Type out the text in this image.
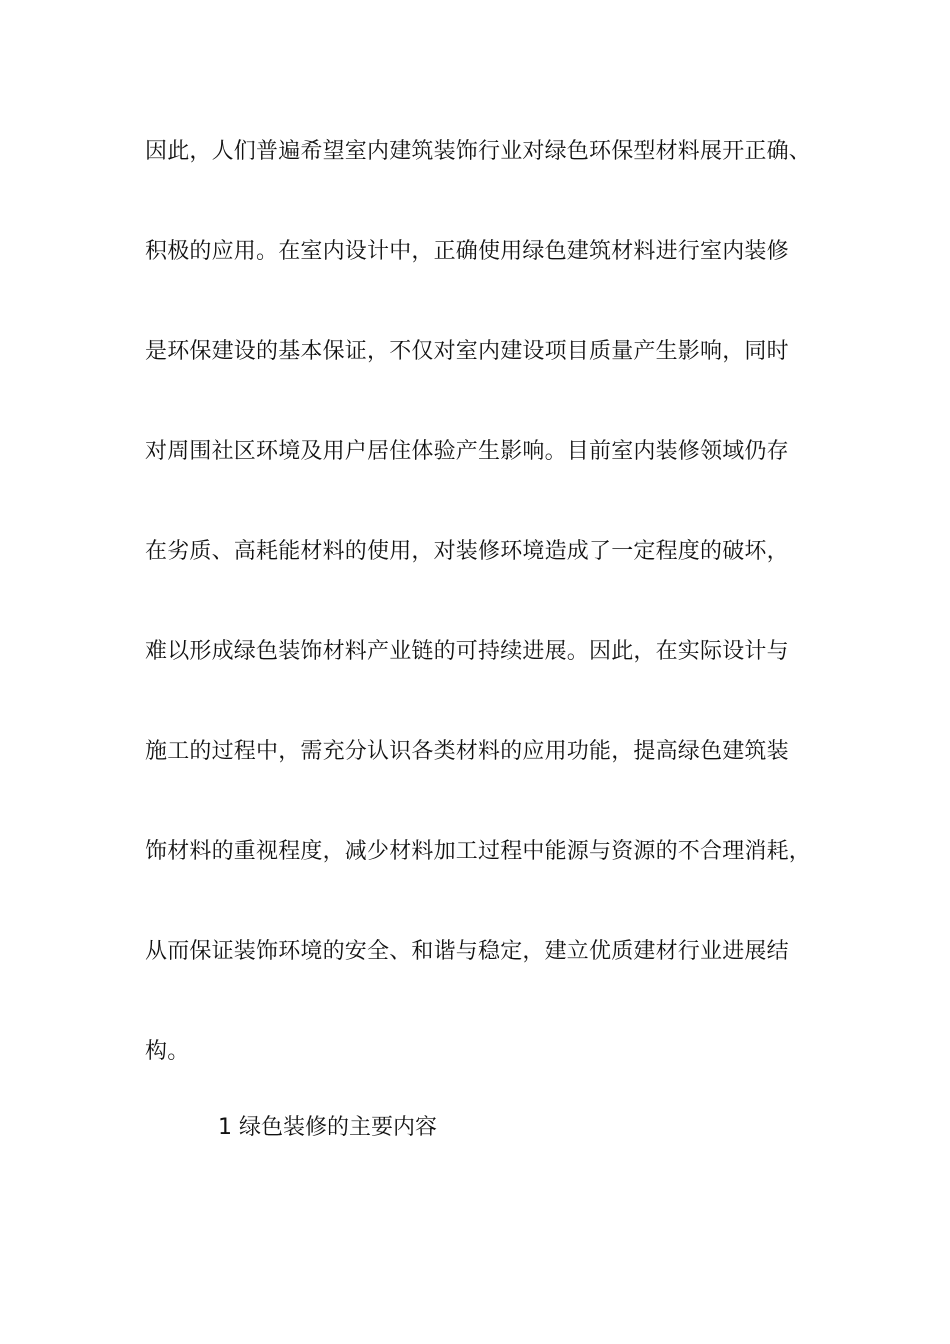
因此，人们普遍希望室内建筑装饰行业对绿色环保型材料展开正确、
积极的应用。在室内设计中，正确使用绿色建筑材料进行室内装修
是环保建设的基本保证，不仅对室内建设项目质量产生影响，同时
对周围社区环境及用户居住体验产生影响。目前室内装修领域仍存
在劣质、高耗能材料的使用，对装修环境造成了一定程度的破坏，
难以形成绿色装饰材料产业链的可持续进展。因此，在实际设计与
施工的过程中，需充分认识各类材料的应用功能，提高绿色建筑装
饰材料的重视程度，减少材料加工过程中能源与资源的不合理消耗，
从而保证装饰环境的安全、和谐与稳定，建立优质建材行业进展结
构。
1 绿色装修的主要内容
